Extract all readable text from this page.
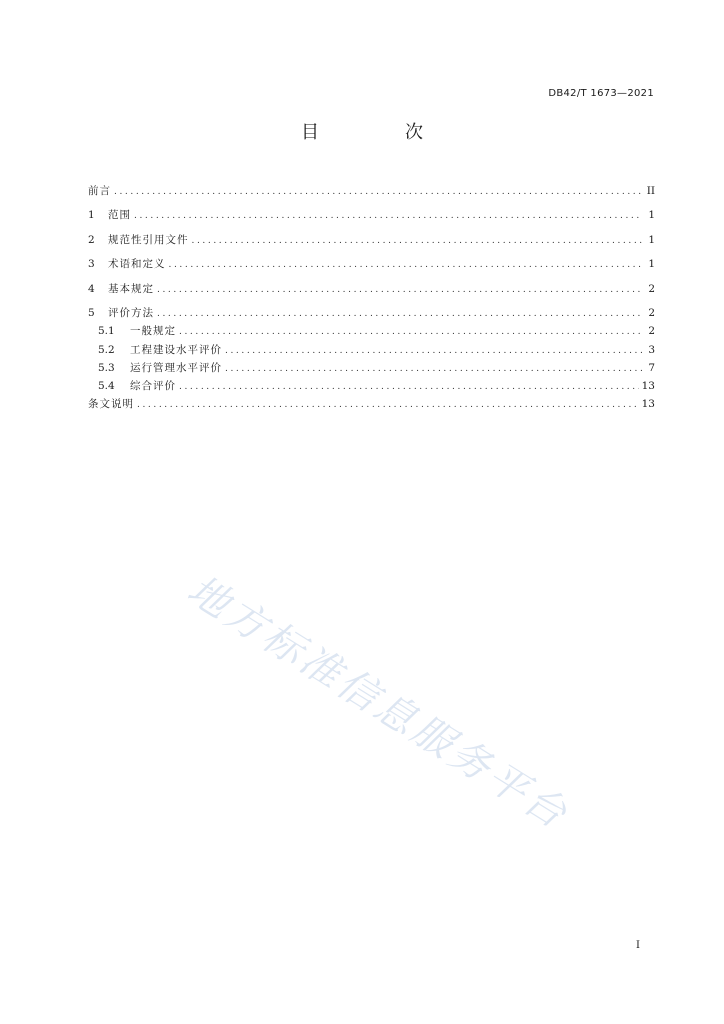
DB42/T 1673—2021
目　次
前言 .....	II
1	范围 .....	1
2	规范性引用文件 .....	1
3	术语和定义 .....	1
4	基本规定 .....	2
5	评价方法 .....	2
5.1	一般规定 .....	2
5.2	工程建设水平评价 .....	3
5.3	运行管理水平评价 .....	7
5.4	综合评价 .....	13
条文说明 .....	13
地方标准信息服务平台
I
